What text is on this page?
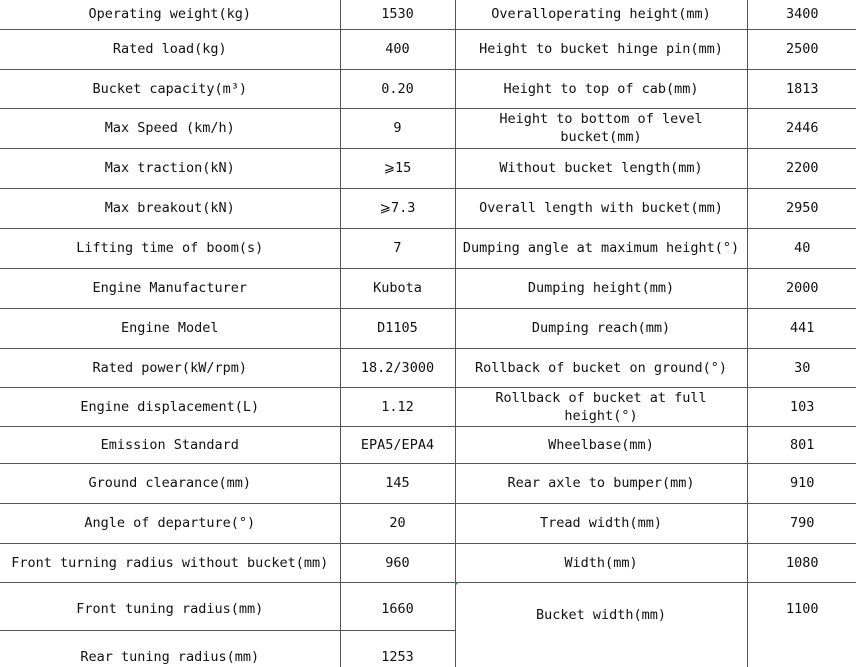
Operating weight(kg)	1530	Overalloperating height(mm)	3400
Rated load(kg)	400	Height to bucket hinge pin(mm)	2500
Bucket capacity(m³)	0.20	Height to top of cab(mm)	1813
Max Speed (km/h)	9	Height to bottom of level bucket(mm)	2446
Max traction(kN)	⩾15	Without bucket length(mm)	2200
Max breakout(kN)	⩾7.3	Overall length with bucket(mm)	2950
Lifting time of boom(s)	7	Dumping angle at maximum height(°)	40
Engine Manufacturer	Kubota	Dumping height(mm)	2000
Engine Model	D1105	Dumping reach(mm)	441
Rated power(kW/rpm)	18.2/3000	Rollback of bucket on ground(°)	30
Engine displacement(L)	1.12	Rollback of bucket at full height(°)	103
Emission Standard	EPA5/EPA4	Wheelbase(mm)	801
Ground clearance(mm)	145	Rear axle to bumper(mm)	910
Angle of departure(°)	20	Tread width(mm)	790
Front turning radius without bucket(mm)	960	Width(mm)	1080
Front tuning radius(mm)	1660	Bucket width(mm)	1100
Rear tuning radius(mm)	1253		
